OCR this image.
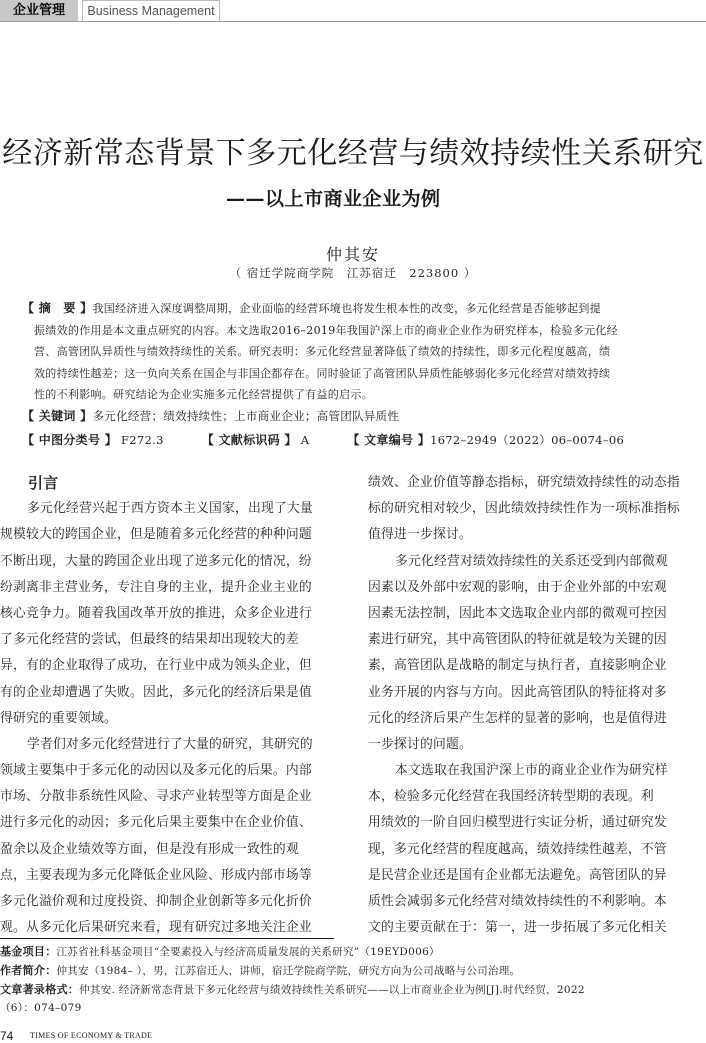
企业管理	Business Management
经济新常态背景下多元化经营与绩效持续性关系研究
——以上市商业企业为例
仲其安
（ 宿迁学院商学院　江苏宿迁　223800 ）
【 摘　要 】我国经济进入深度调整周期，企业面临的经营环境也将发生根本性的改变，多元化经营是否能够起到提
振绩效的作用是本文重点研究的内容。本文选取2016–2019年我国沪深上市的商业企业作为研究样本，检验多元化经
营、高管团队异质性与绩效持续性的关系。研究表明：多元化经营显著降低了绩效的持续性，即多元化程度越高，绩
效的持续性越差；这一负向关系在国企与非国企都存在。同时验证了高管团队异质性能够弱化多元化经营对绩效持续
性的不利影响。研究结论为企业实施多元化经营提供了有益的启示。
【 关键词 】多元化经营；绩效持续性；上市商业企业；高管团队异质性
【 中图分类号 】 F272.3	【 文献标识码 】 A	【 文章编号 】1672–2949（2022）06–0074–06
引言
多元化经营兴起于西方资本主义国家，出现了大量
规模较大的跨国企业，但是随着多元化经营的种种问题
不断出现，大量的跨国企业出现了逆多元化的情况，纷
纷剥离非主营业务，专注自身的主业，提升企业主业的
核心竞争力。随着我国改革开放的推进，众多企业进行
了多元化经营的尝试，但最终的结果却出现较大的差
异，有的企业取得了成功，在行业中成为领头企业，但
有的企业却遭遇了失败。因此，多元化的经济后果是值
得研究的重要领域。
学者们对多元化经营进行了大量的研究，其研究的
领域主要集中于多元化的动因以及多元化的后果。内部
市场、分散非系统性风险、寻求产业转型等方面是企业
进行多元化的动因；多元化后果主要集中在企业价值、
盈余以及企业绩效等方面，但是没有形成一致性的观
点，主要表现为多元化降低企业风险、形成内部市场等
多元化溢价观和过度投资、抑制企业创新等多元化折价
观。从多元化后果研究来看，现有研究过多地关注企业
绩效、企业价值等静态指标，研究绩效持续性的动态指
标的研究相对较少，因此绩效持续性作为一项标准指标
值得进一步探讨。
多元化经营对绩效持续性的关系还受到内部微观
因素以及外部中宏观的影响，由于企业外部的中宏观
因素无法控制，因此本文选取企业内部的微观可控因
素进行研究，其中高管团队的特征就是较为关键的因
素，高管团队是战略的制定与执行者，直接影响企业
业务开展的内容与方向。因此高管团队的特征将对多
元化的经济后果产生怎样的显著的影响，也是值得进
一步探讨的问题。
本文选取在我国沪深上市的商业企业作为研究样
本，检验多元化经营在我国经济转型期的表现。利
用绩效的一阶自回归模型进行实证分析，通过研究发
现，多元化经营的程度越高，绩效持续性越差，不管
是民营企业还是国有企业都无法避免。高管团队的异
质性会减弱多元化经营对绩效持续性的不利影响。本
文的主要贡献在于：第一，进一步拓展了多元化相关
基金项目：江苏省社科基金项目“全要素投入与经济高质量发展的关系研究”（19EYD006）
作者简介：仲其安（1984– ），男，江苏宿迁人，讲师，宿迁学院商学院，研究方向为公司战略与公司治理。
文章著录格式：仲其安. 经济新常态背景下多元化经营与绩效持续性关系研究——以上市商业企业为例[J].时代经贸，2022
（6）：074–079
74 TIMES OF ECONOMY & TRADE
